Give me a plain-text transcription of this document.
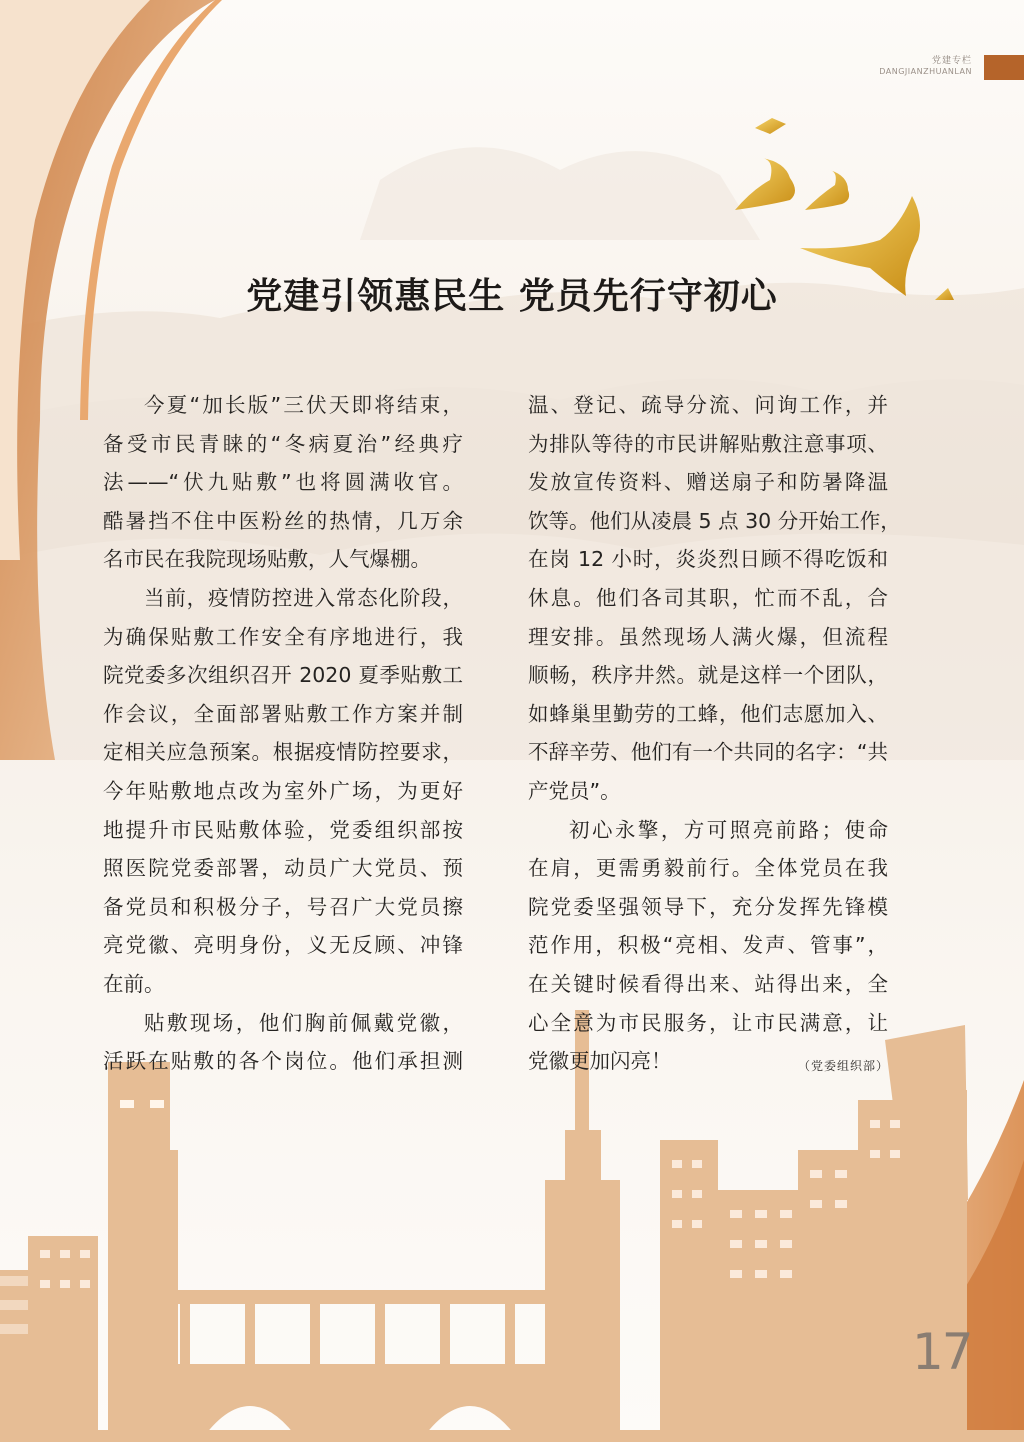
党建专栏
DANGJIANZHUANLAN
党建引领惠民生 党员先行守初心
今夏“加长版”三伏天即将结束，
备受市民青睐的“冬病夏治”经典疗
法——“伏九贴敷”也将圆满收官。
酷暑挡不住中医粉丝的热情，几万余
名市民在我院现场贴敷，人气爆棚。
当前，疫情防控进入常态化阶段，
为确保贴敷工作安全有序地进行，我
院党委多次组织召开 2020 夏季贴敷工
作会议，全面部署贴敷工作方案并制
定相关应急预案。根据疫情防控要求，
今年贴敷地点改为室外广场，为更好
地提升市民贴敷体验，党委组织部按
照医院党委部署，动员广大党员、预
备党员和积极分子，号召广大党员擦
亮党徽、亮明身份，义无反顾、冲锋
在前。
贴敷现场，他们胸前佩戴党徽，
活跃在贴敷的各个岗位。他们承担测
温、登记、疏导分流、问询工作，并
为排队等待的市民讲解贴敷注意事项、
发放宣传资料、赠送扇子和防暑降温
饮等。他们从凌晨 5 点 30 分开始工作，
在岗 12 小时，炎炎烈日顾不得吃饭和
休息。他们各司其职，忙而不乱，合
理安排。虽然现场人满火爆，但流程
顺畅，秩序井然。就是这样一个团队，
如蜂巢里勤劳的工蜂，他们志愿加入、
不辞辛劳、他们有一个共同的名字：“共
产党员”。
初心永擎，方可照亮前路；使命
在肩，更需勇毅前行。全体党员在我
院党委坚强领导下，充分发挥先锋模
范作用，积极“亮相、发声、管事”，
在关键时候看得出来、站得出来，全
心全意为市民服务，让市民满意，让
党徽更加闪亮！	（党委组织部）
17
